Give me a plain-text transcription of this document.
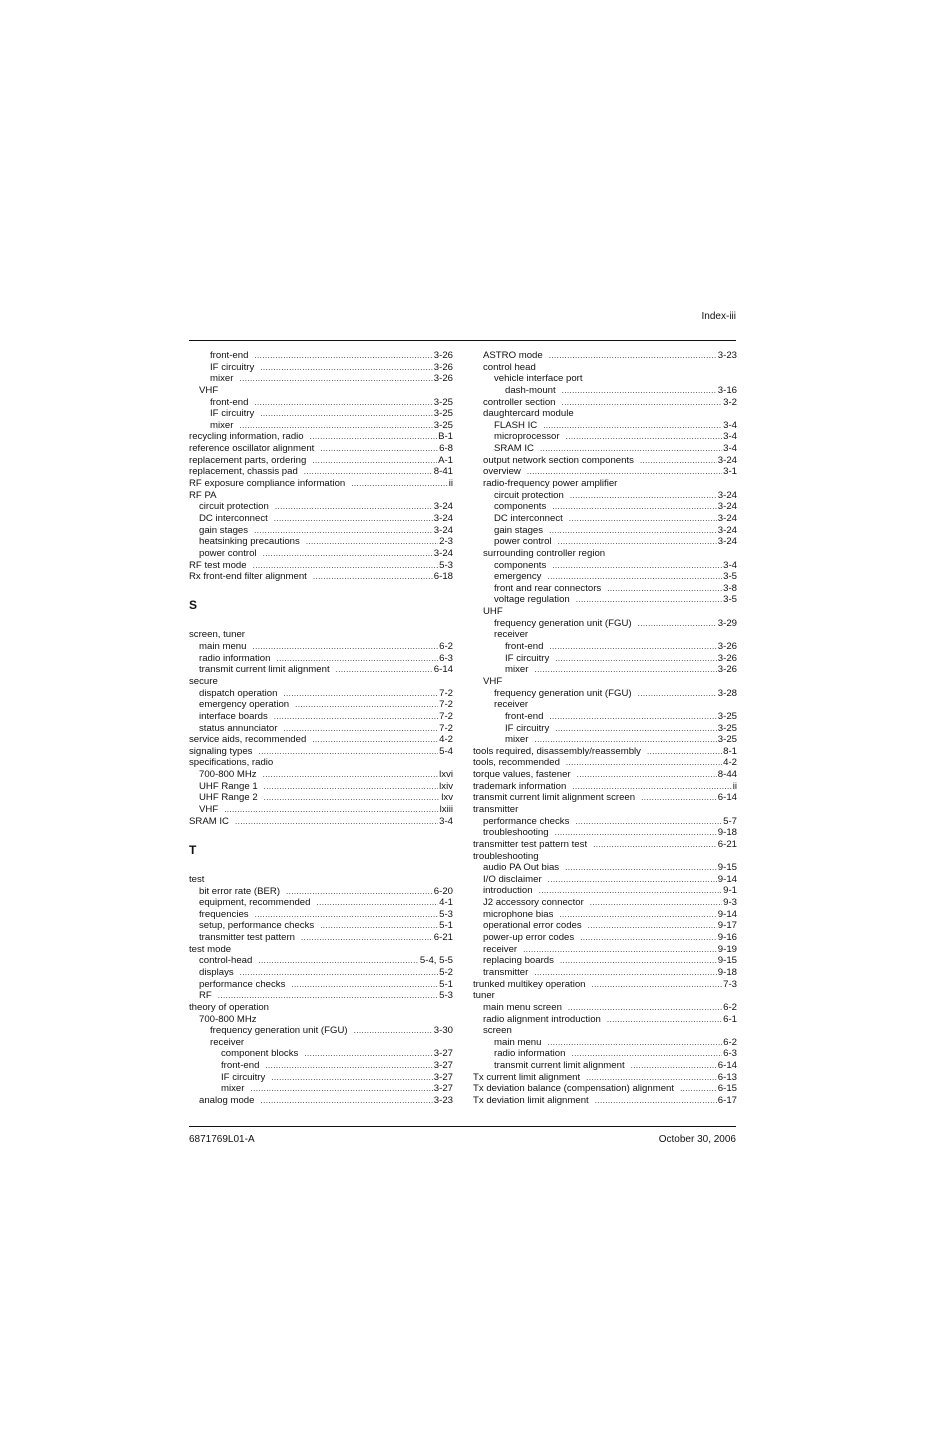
Index-iii
front-end .....	3-26
IF circuitry .....	3-26
mixer .....	3-26
VHF
front-end .....	3-25
IF circuitry .....	3-25
mixer .....	3-25
recycling information, radio .....	B-1
reference oscillator alignment .....	6-8
replacement parts, ordering .....	A-1
replacement, chassis pad .....	8-41
RF exposure compliance information .....	ii
RF PA
circuit protection .....	3-24
DC interconnect .....	3-24
gain stages .....	3-24
heatsinking precautions .....	2-3
power control .....	3-24
RF test mode .....	5-3
Rx front-end filter alignment .....	6-18
S
screen, tuner
main menu .....	6-2
radio information .....	6-3
transmit current limit alignment .....	6-14
secure
dispatch operation .....	7-2
emergency operation .....	7-2
interface boards .....	7-2
status annunciator .....	7-2
service aids, recommended .....	4-2
signaling types .....	5-4
specifications, radio
700-800 MHz .....	lxvi
UHF Range 1 .....	lxiv
UHF Range 2 .....	lxv
VHF .....	lxiii
SRAM IC .....	3-4
T
test
bit error rate (BER) .....	6-20
equipment, recommended .....	4-1
frequencies .....	5-3
setup, performance checks .....	5-1
transmitter test pattern .....	6-21
test mode
control-head .....	5-4, 5-5
displays .....	5-2
performance checks .....	5-1
RF .....	5-3
theory of operation
700-800 MHz
frequency generation unit (FGU) .....	3-30
receiver
component blocks .....	3-27
front-end .....	3-27
IF circuitry .....	3-27
mixer .....	3-27
analog mode .....	3-23
ASTRO mode .....	3-23
control head
vehicle interface port
dash-mount .....	3-16
controller section .....	3-2
daughtercard module
FLASH IC .....	3-4
microprocessor .....	3-4
SRAM IC .....	3-4
output network section components .....	3-24
overview .....	3-1
radio-frequency power amplifier
circuit protection .....	3-24
components .....	3-24
DC interconnect .....	3-24
gain stages .....	3-24
power control .....	3-24
surrounding controller region
components .....	3-4
emergency .....	3-5
front and rear connectors .....	3-8
voltage regulation .....	3-5
UHF
frequency generation unit (FGU) .....	3-29
receiver
front-end .....	3-26
IF circuitry .....	3-26
mixer .....	3-26
VHF
frequency generation unit (FGU) .....	3-28
receiver
front-end .....	3-25
IF circuitry .....	3-25
mixer .....	3-25
tools required, disassembly/reassembly .....	8-1
tools, recommended .....	4-2
torque values, fastener .....	8-44
trademark information .....	ii
transmit current limit alignment screen .....	6-14
transmitter
performance checks .....	5-7
troubleshooting .....	9-18
transmitter test pattern test .....	6-21
troubleshooting
audio PA Out bias .....	9-15
I/O disclaimer .....	9-14
introduction .....	9-1
J2 accessory connector .....	9-3
microphone bias .....	9-14
operational error codes .....	9-17
power-up error codes .....	9-16
receiver .....	9-19
replacing boards .....	9-15
transmitter .....	9-18
trunked multikey operation .....	7-3
tuner
main menu screen .....	6-2
radio alignment introduction .....	6-1
screen
main menu .....	6-2
radio information .....	6-3
transmit current limit alignment .....	6-14
Tx current limit alignment .....	6-13
Tx deviation balance (compensation) alignment .....	6-15
Tx deviation limit alignment .....	6-17
6871769L01-A	October 30, 2006
